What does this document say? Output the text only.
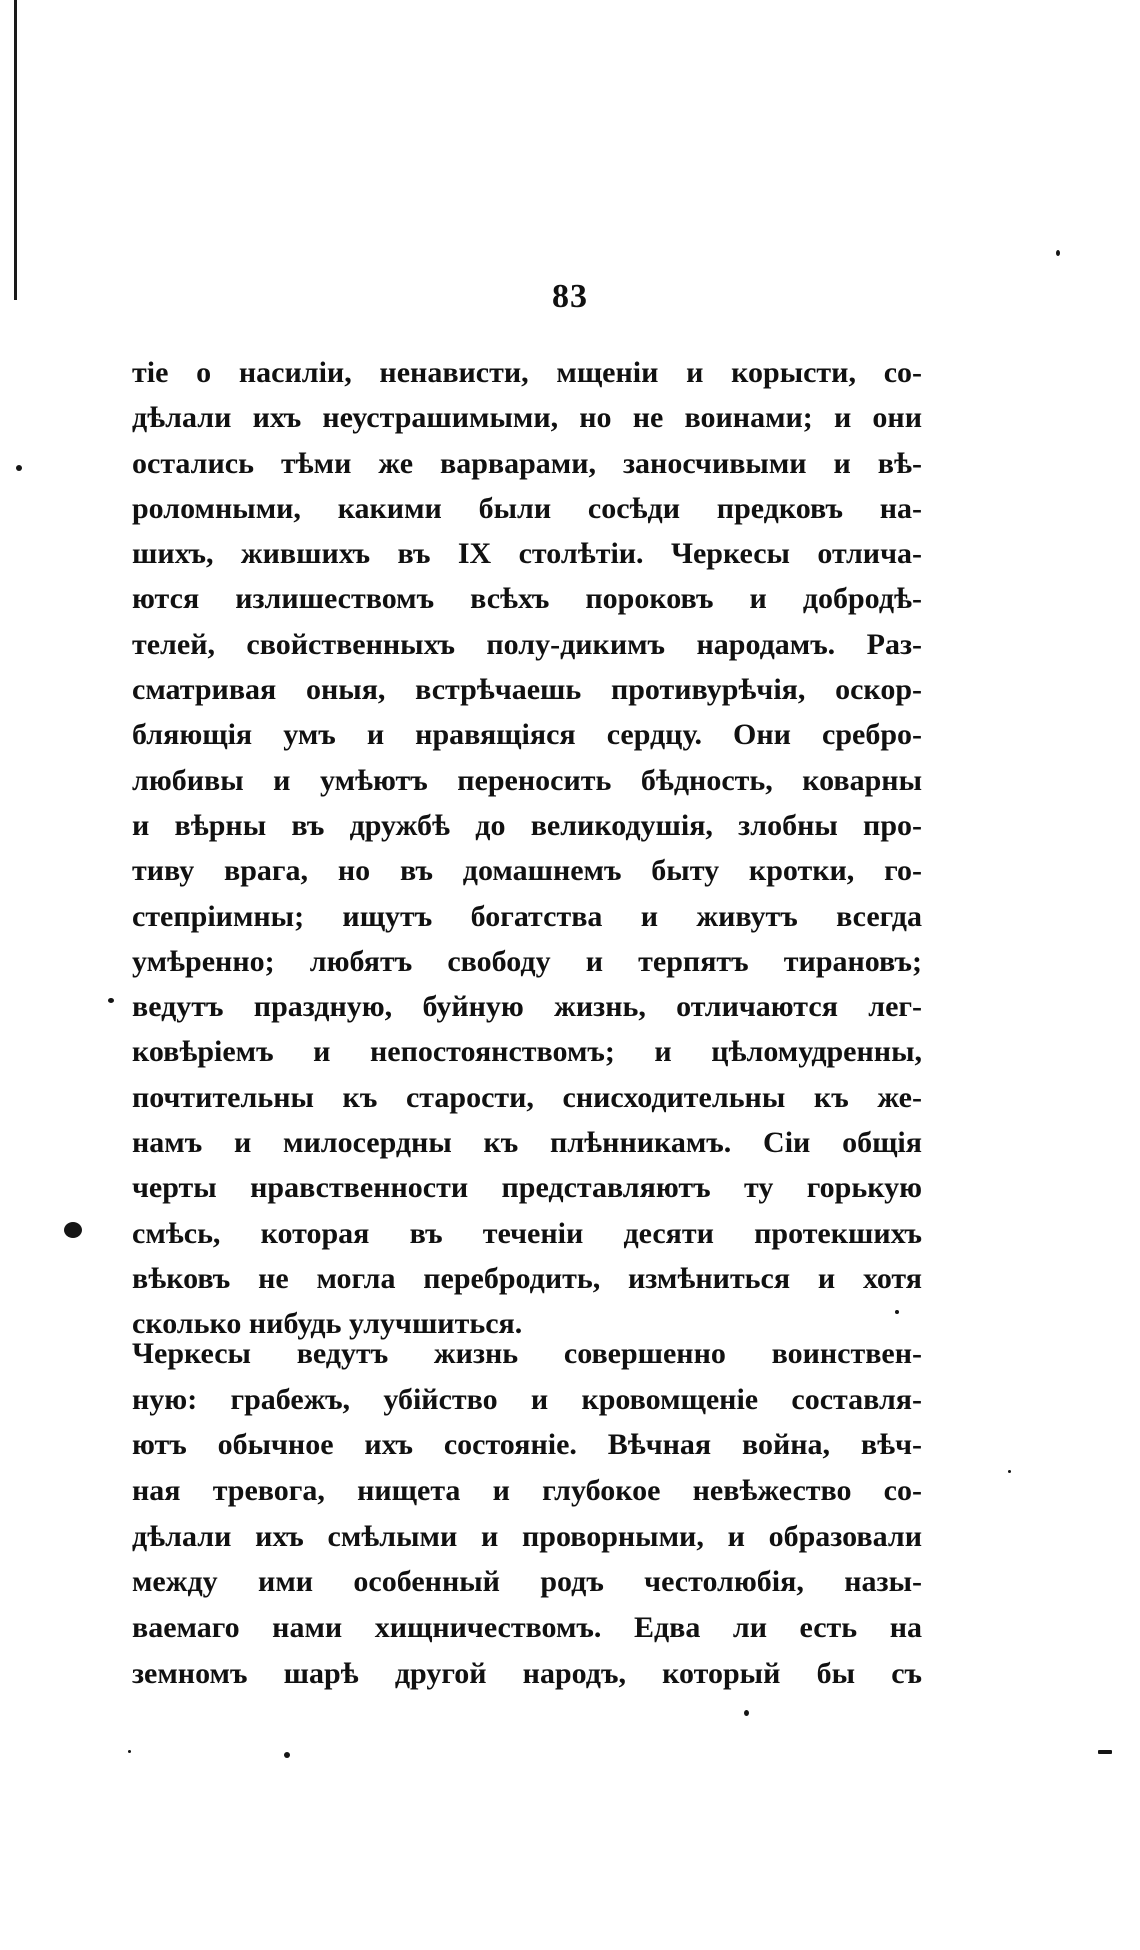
83
тіе о насиліи, ненависти, мщеніи и корысти, со-
дѣлали ихъ неустрашимыми, но не воинами; и они
остались тѣми же варварами, заносчивыми и вѣ-
роломными, какими были сосѣди предковъ на-
шихъ, жившихъ въ IX столѣтіи. Черкесы отлича-
ются излишествомъ всѣхъ пороковъ и добродѣ-
телей, свойственныхъ полу-дикимъ народамъ. Раз-
сматривая оныя, встрѣчаешь противурѣчія, оскор-
бляющія умъ и нравящіяся сердцу. Они сребро-
любивы и умѣютъ переносить бѣдность, коварны
и вѣрны въ дружбѣ до великодушія, злобны про-
тиву врага, но въ домашнемъ быту кротки, го-
степріимны; ищутъ богатства и живутъ всегда
умѣренно; любятъ свободу и терпятъ тирановъ;
ведутъ праздную, буйную жизнь, отличаются лег-
ковѣріемъ и непостоянствомъ; и цѣломудренны,
почтительны къ старости, снисходительны къ же-
намъ и милосердны къ плѣнникамъ. Сіи общія
черты нравственности представляютъ ту горькую
смѣсь, которая въ теченіи десяти протекшихъ
вѣковъ не могла перебродить, измѣниться и хотя
сколько нибудь улучшиться.
Черкесы ведутъ жизнь совершенно воинствен-
ную: грабежъ, убійство и кровомщеніе составля-
ютъ обычное ихъ состояніе. Вѣчная война, вѣч-
ная тревога, нищета и глубокое невѣжество со-
дѣлали ихъ смѣлыми и проворными, и образовали
между ими особенный родъ честолюбія, назы-
ваемаго нами хищничествомъ. Едва ли есть на
земномъ шарѣ другой народъ, который бы съ
